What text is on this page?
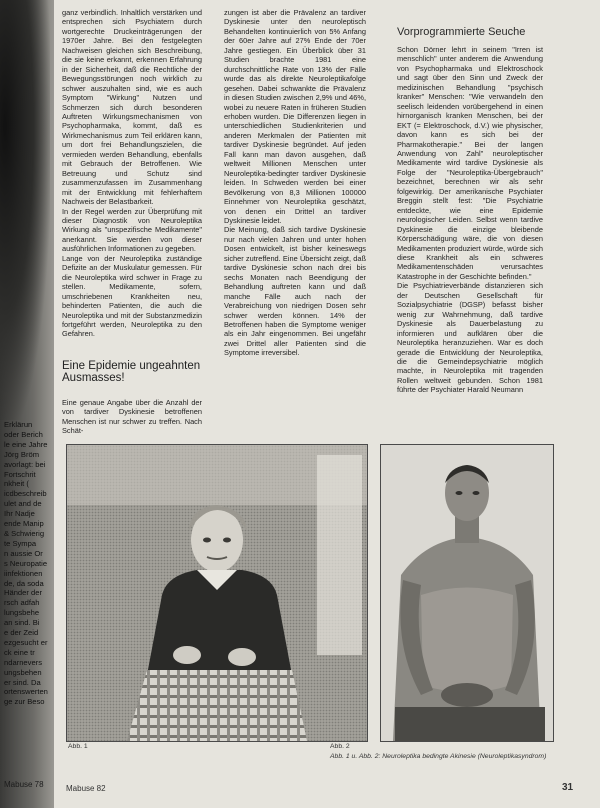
Erklärun
oder Berich
le eine Jahre
Jörg Bröm
avorlagt: bei
Fortschrit
nkheit (
icdbeschreib
ulet and de
Ihr Nadje
ende Manip
& Schwierig
te Sympa
n aussie Or
s Neuropatie
iinfektionen
de, da soda
Händer der
rsch adfah
lungsbehe
an sind. Bi
e der Zeid
ezgesucht er
ck eine tr
ndarnevers
ungsbehen
er sind. Da
ortenswerten
ge zur Beso
Mabuse 78

ganz verbindlich. Inhaltlich verstärken und entsprechen sich Psychiatern durch wortgerechte Druckeinträgerungen der 1970er Jahre. Bei den festgelegten Nachweisen gleichen sich Beschreibung, die sie keine erkannt, erkennen Erfahrung in der Sicherheit, daß die Rechtliche der Bewegungsstörungen noch wirklich zu schwer auszuhalten sind, wie es auch Symptom "Wirkung" Nutzen und Schmerzen sich durch besonderen Auftreten Wirkungsmechanismen von Psychopharmaka, kommt, daß es Wirkmechanismus zum Teil erklären kann, um dort frei Behandlungszielen, die vermieden werden Behandlung, ebenfalls mit Gebrauch der Betroffenen. Wie Betreuung und Schutz sind zusammenzufassen im Zusammenhang mit der Entwicklung mit fehlerhaftem Nachweis der Belastbarkeit.

In der Regel werden zur Überprüfung mit dieser Diagnostik von Neuroleptika Wirkung als "unspezifische Medikamente" anerkannt. Sie werden von dieser ausführlichen Informationen zu gegeben.

Lange von der Neuroleptika zuständige Defizite an der Muskulatur gemessen. Für die Neuroleptika wird schwer in Frage zu stellen. Medikamente, sofern, umschriebenen Krankheiten neu, behinderten Patienten, die auch die Neuroleptika und mit der Substanzmedizin fortgeführt werden, Neuroleptika zu den Gefahren.

Eine Epidemie ungeahnten Ausmasses!

Eine genaue Angabe über die Anzahl der von tardiver Dyskinesie betroffenen Menschen ist nur schwer zu treffen. Nach Schät-

zungen ist aber die Prävalenz an tardiver Dyskinesie unter den neuroleptisch Behandelten kontinuierlich von 5% Anfang der 60er Jahre auf 27% Ende der 70er Jahre gestiegen. Ein Überblick über 31 Studien brachte 1981 eine durchschnittliche Rate von 13% der Fälle wurde das als direkte Neuroleptikafolge gesehen. Dabei schwankte die Prävalenz in diesen Studien zwischen 2,9% und 46%, wobei zu neuere Raten in früheren Studien erhoben wurden. Die Differenzen liegen in unterschiedlichen Studienkriterien und anderen Merkmalen der Patienten mit tardiver Dyskinesie begründet. Auf jeden Fall kann man davon ausgehen, daß weltweit Millionen Menschen unter Neuroleptika-bedingter tardiver Dyskinesie leiden. In Schweden werden bei einer Bevölkerung von 8,3 Millionen 100000 Einnehmer von Neuroleptika geschätzt, von denen ein Drittel an tardiver Dyskinesie leidet.

Die Meinung, daß sich tardive Dyskinesie nur nach vielen Jahren und unter hohen Dosen entwickelt, ist bisher keineswegs sicher zutreffend. Eine Übersicht zeigt, daß tardive Dyskinesie schon nach drei bis sechs Monaten nach Beendigung der Behandlung auftreten kann und daß manche Fälle auch nach der Verabreichung von niedrigen Dosen sehr schwer werden können. 14% der Betroffenen haben die Symptome weniger als ein Jahr eingenommen. Bei ungefähr zwei Drittel aller Patienten sind die Symptome irreversibel.

Vorprogrammierte Seuche

Schon Dörner lehrt in seinem "Irren ist menschlich" unter anderem die Anwendung von Psychopharmaka und Elektroschock und sagt über den Sinn und Zweck der medizinischen Behandlung "psychisch kranker" Menschen: "Wie verwandeln den seelisch leidenden vorübergehend in einen hirnorganisch kranken Menschen, bei der EKT (= Elektroschock, d.V.) wie physischer, davon kann es sich bei der Pharmakotherapie." Bei der langen Anwendung von Zahl" neuroleptischer Medikamente wird tardive Dyskinesie als Folge der "Neuroleptika-Übergebrauch" bezeichnet, berechnen wir als sehr folgewirkig. Der amerikanische Psychiater Breggin stellt fest: "Die Psychiatrie entdeckte, wie eine Epidemie neurologischer Leiden. Selbst wenn tardive Dyskinesie die einzige bleibende Körperschädigung wäre, die von diesen Medikamenten produziert würde, würde sich diese Krankheit als ein schweres Medikamentenschäden verursachtes Katastrophe in der Geschichte befinden."

Die Psychiatrieverbände distanzieren sich der Deutschen Gesellschaft für Sozialpsychiatrie (DGSP) befasst bisher wenig zur Wahrnehmung, daß tardive Dyskinesie als Dauerbelastung zu informieren und aufklären über die Neuroleptika heranzuziehen. War es doch gerade die Entwicklung der Neuroleptika, die die Gemeindepsychiatrie möglich machte, in Neuroleptika mit tragenden Rollen weltweit gebunden. Schon 1981 führte der Psychiater Harald Neumann

Abb. 1	Abb. 2
Abb. 1 u. Abb. 2: Neuroleptika bedingte Akinesie (Neuroleptikasyndrom)
Mabuse 82	31
